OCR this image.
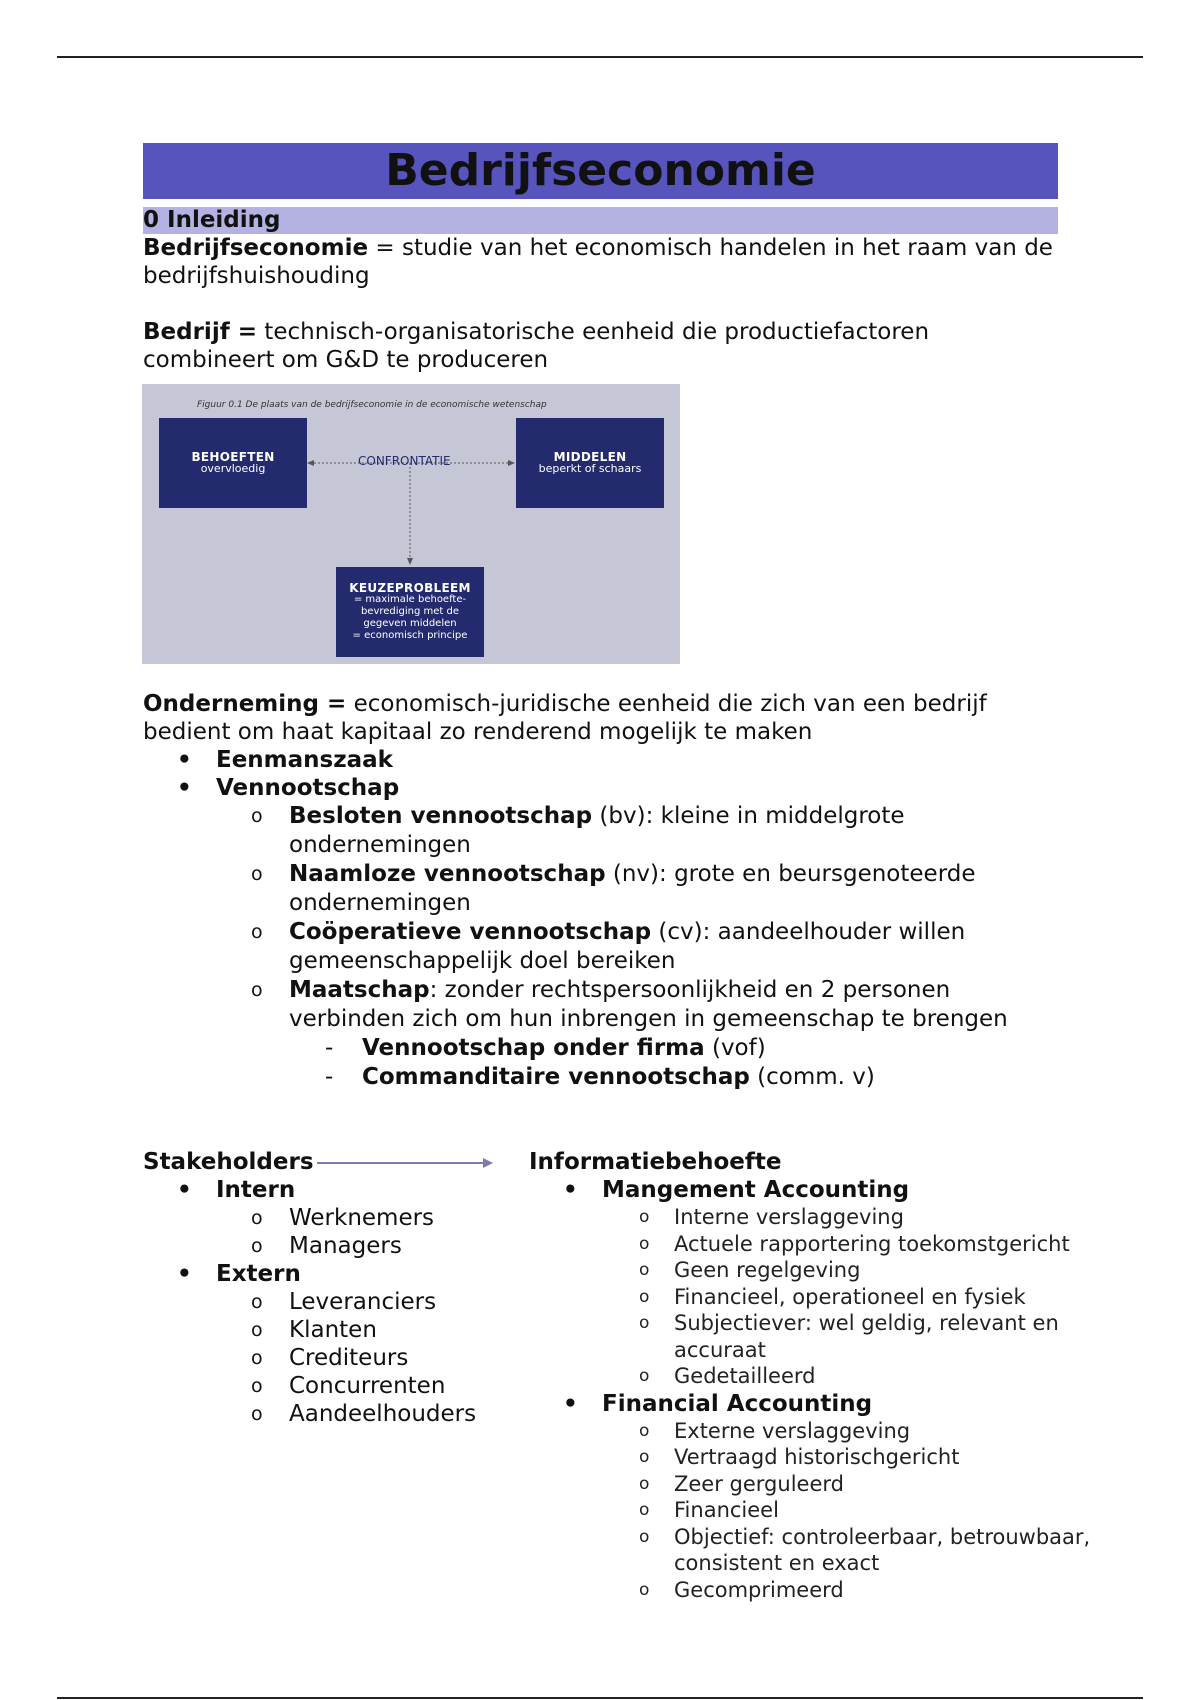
Bedrijfseconomie
0 Inleiding

Bedrijfseconomie = studie van het economisch handelen in het raam van de bedrijfshuishouding

Bedrijf = technisch-organisatorische eenheid die productiefactoren combineert om G&D te produceren

Figuur 0.1 De plaats van de bedrijfseconomie in de economische wetenschap
BEHOEFTEN
overvloedig
CONFRONTATIE	MIDDELEN
beperkt of schaars
KEUZEPROBLEEM
= maximale behoefte-
bevrediging met de
gegeven middelen
= economisch principe

Onderneming = economisch-juridische eenheid die zich van een bedrijf bedient om haat kapitaal zo renderend mogelijk te maken

• Eenmanszaak
• Vennootschap
o Besloten vennootschap (bv): kleine in middelgrote ondernemingen
o Naamloze vennootschap (nv): grote en beursgenoteerde ondernemingen
o Coöperatieve vennootschap (cv): aandeelhouder willen gemeenschappelijk doel bereiken
o Maatschap: zonder rechtspersoonlijkheid en 2 personen verbinden zich om hun inbrengen in gemeenschap te brengen
- Vennootschap onder firma (vof)
- Commanditaire vennootschap (comm. v)
Stakeholders
• Intern
o Werknemers
o Managers
• Extern
o Leveranciers
o Klanten
o Crediteurs
o Concurrenten
o Aandeelhouders
Informatiebehoefte
• Mangement Accounting
o Interne verslaggeving
o Actuele rapportering toekomstgericht
o Geen regelgeving
o Financieel, operationeel en fysiek
o Subjectiever: wel geldig, relevant en accuraat
o Gedetailleerd
• Financial Accounting
o Externe verslaggeving
o Vertraagd historischgericht
o Zeer gerguleerd
o Financieel
o Objectief: controleerbaar, betrouwbaar, consistent en exact
o Gecomprimeerd
